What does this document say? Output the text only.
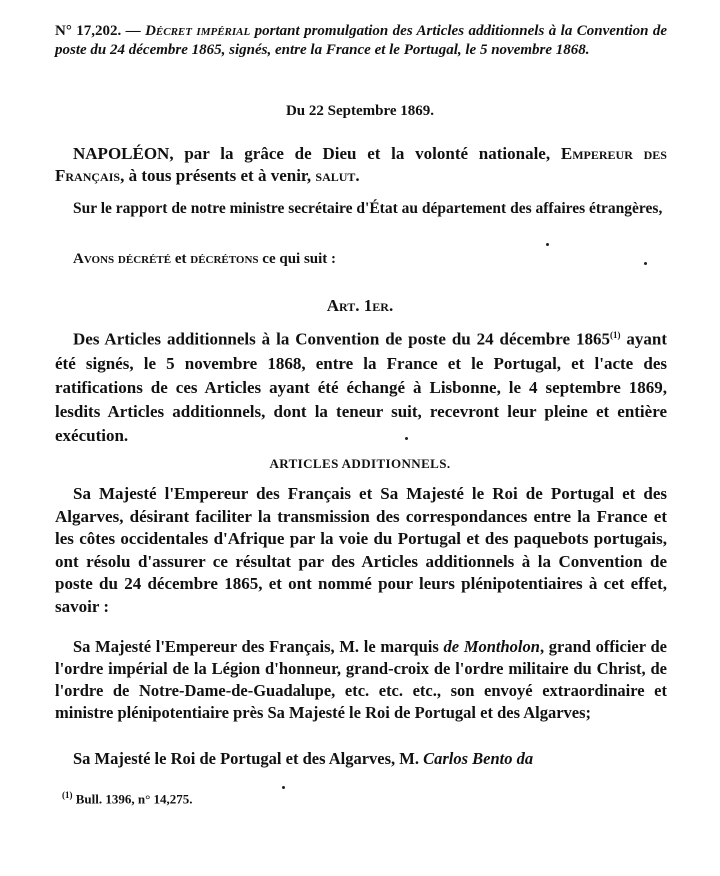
N° 17,202. — Décret impérial portant promulgation des Articles additionnels à la Convention de poste du 24 décembre 1865, signés, entre la France et le Portugal, le 5 novembre 1868.
Du 22 Septembre 1869.
NAPOLÉON, par la grâce de Dieu et la volonté nationale, Empereur des Français, à tous présents et à venir, salut.
Sur le rapport de notre ministre secrétaire d'État au département des affaires étrangères,
Avons décrété et décrétons ce qui suit :
Art. 1er.
Des Articles additionnels à la Convention de poste du 24 décembre 1865$^{(1)}$ ayant été signés, le 5 novembre 1868, entre la France et le Portugal, et l'acte des ratifications de ces Articles ayant été échangé à Lisbonne, le 4 septembre 1869, lesdits Articles additionnels, dont la teneur suit, recevront leur pleine et entière exécution.
ARTICLES ADDITIONNELS.
Sa Majesté l'Empereur des Français et Sa Majesté le Roi de Portugal et des Algarves, désirant faciliter la transmission des correspondances entre la France et les côtes occidentales d'Afrique par la voie du Portugal et des paquebots portugais, ont résolu d'assurer ce résultat par des Articles additionnels à la Convention de poste du 24 décembre 1865, et ont nommé pour leurs plénipotentiaires à cet effet, savoir :
Sa Majesté l'Empereur des Français, M. le marquis de Montholon, grand officier de l'ordre impérial de la Légion d'honneur, grand-croix de l'ordre militaire du Christ, de l'ordre de Notre-Dame-de-Guadalupe, etc. etc. etc., son envoyé extraordinaire et ministre plénipotentiaire près Sa Majesté le Roi de Portugal et des Algarves;
Sa Majesté le Roi de Portugal et des Algarves, M. Carlos Bento da
$^{(1)}$ Bull. 1396, n° 14,275.
